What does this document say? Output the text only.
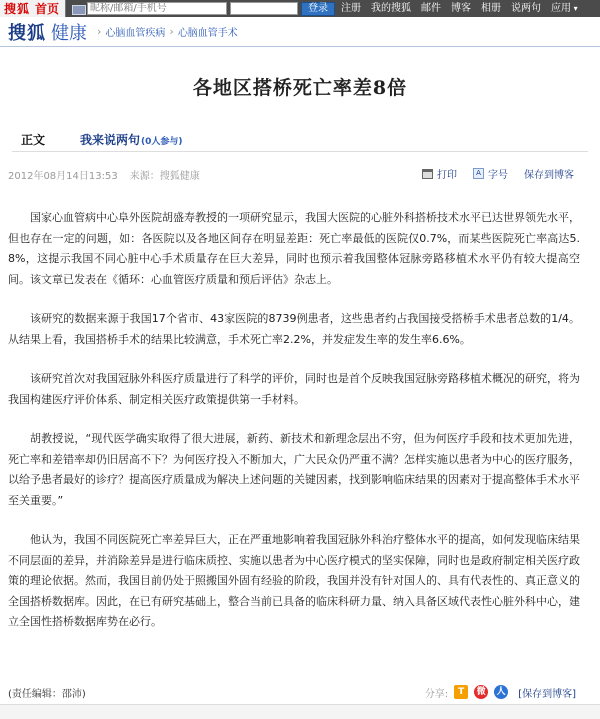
搜狐 首页
昵称/邮箱/手机号	登录	注册 我的搜狐 邮件 博客 相册 说两句 应用 ▾
搜狐 健康 › 心脑血管疾病 › 心脑血管手术
各地区搭桥死亡率差8倍
正文	我来说两句(0人参与)
2012年08月14日13:53 来源：搜狐健康	打印	A 字号 保存到博客

国家心血管病中心阜外医院胡盛寿教授的一项研究显示，我国大医院的心脏外科搭桥技术水平已达世界领先水平，但也存在一定的问题，如：各医院以及各地区间存在明显差距：死亡率最低的医院仅0.7%，而某些医院死亡率高达5.8%，这提示我国不同心脏中心手术质量存在巨大差异，同时也预示着我国整体冠脉旁路移植术水平仍有较大提高空间。该文章已发表在《循环：心血管医疗质量和预后评估》杂志上。

该研究的数据来源于我国17个省市、43家医院的8739例患者，这些患者约占我国接受搭桥手术患者总数的1/4。从结果上看，我国搭桥手术的结果比较满意，手术死亡率2.2%，并发症发生率的发生率6.6%。

该研究首次对我国冠脉外科医疗质量进行了科学的评价，同时也是首个反映我国冠脉旁路移植术概况的研究，将为我国构建医疗评价体系、制定相关医疗政策提供第一手材料。

胡教授说，“现代医学确实取得了很大进展，新药、新技术和新理念层出不穷，但为何医疗手段和技术更加先进，死亡率和差错率却仍旧居高不下？为何医疗投入不断加大，广大民众仍严重不满？怎样实施以患者为中心的医疗服务，以给予患者最好的诊疗？提高医疗质量成为解决上述问题的关键因素，找到影响临床结果的因素对于提高整体手术水平至关重要。”

他认为，我国不同医院死亡率差异巨大，正在严重地影响着我国冠脉外科治疗整体水平的提高，如何发现临床结果不同层面的差异，并消除差异是进行临床质控、实施以患者为中心医疗模式的坚实保障，同时也是政府制定相关医疗政策的理论依据。然而，我国目前仍处于照搬国外固有经验的阶段，我国并没有针对国人的、具有代表性的、真正意义的全国搭桥数据库。因此，在已有研究基础上，整合当前已具备的临床科研力量、纳入具备区域代表性心脏外科中心，建立全国性搭桥数据库势在必行。

(责任编辑：邵沛)	分享:	T	微 人 [保存到博客]
